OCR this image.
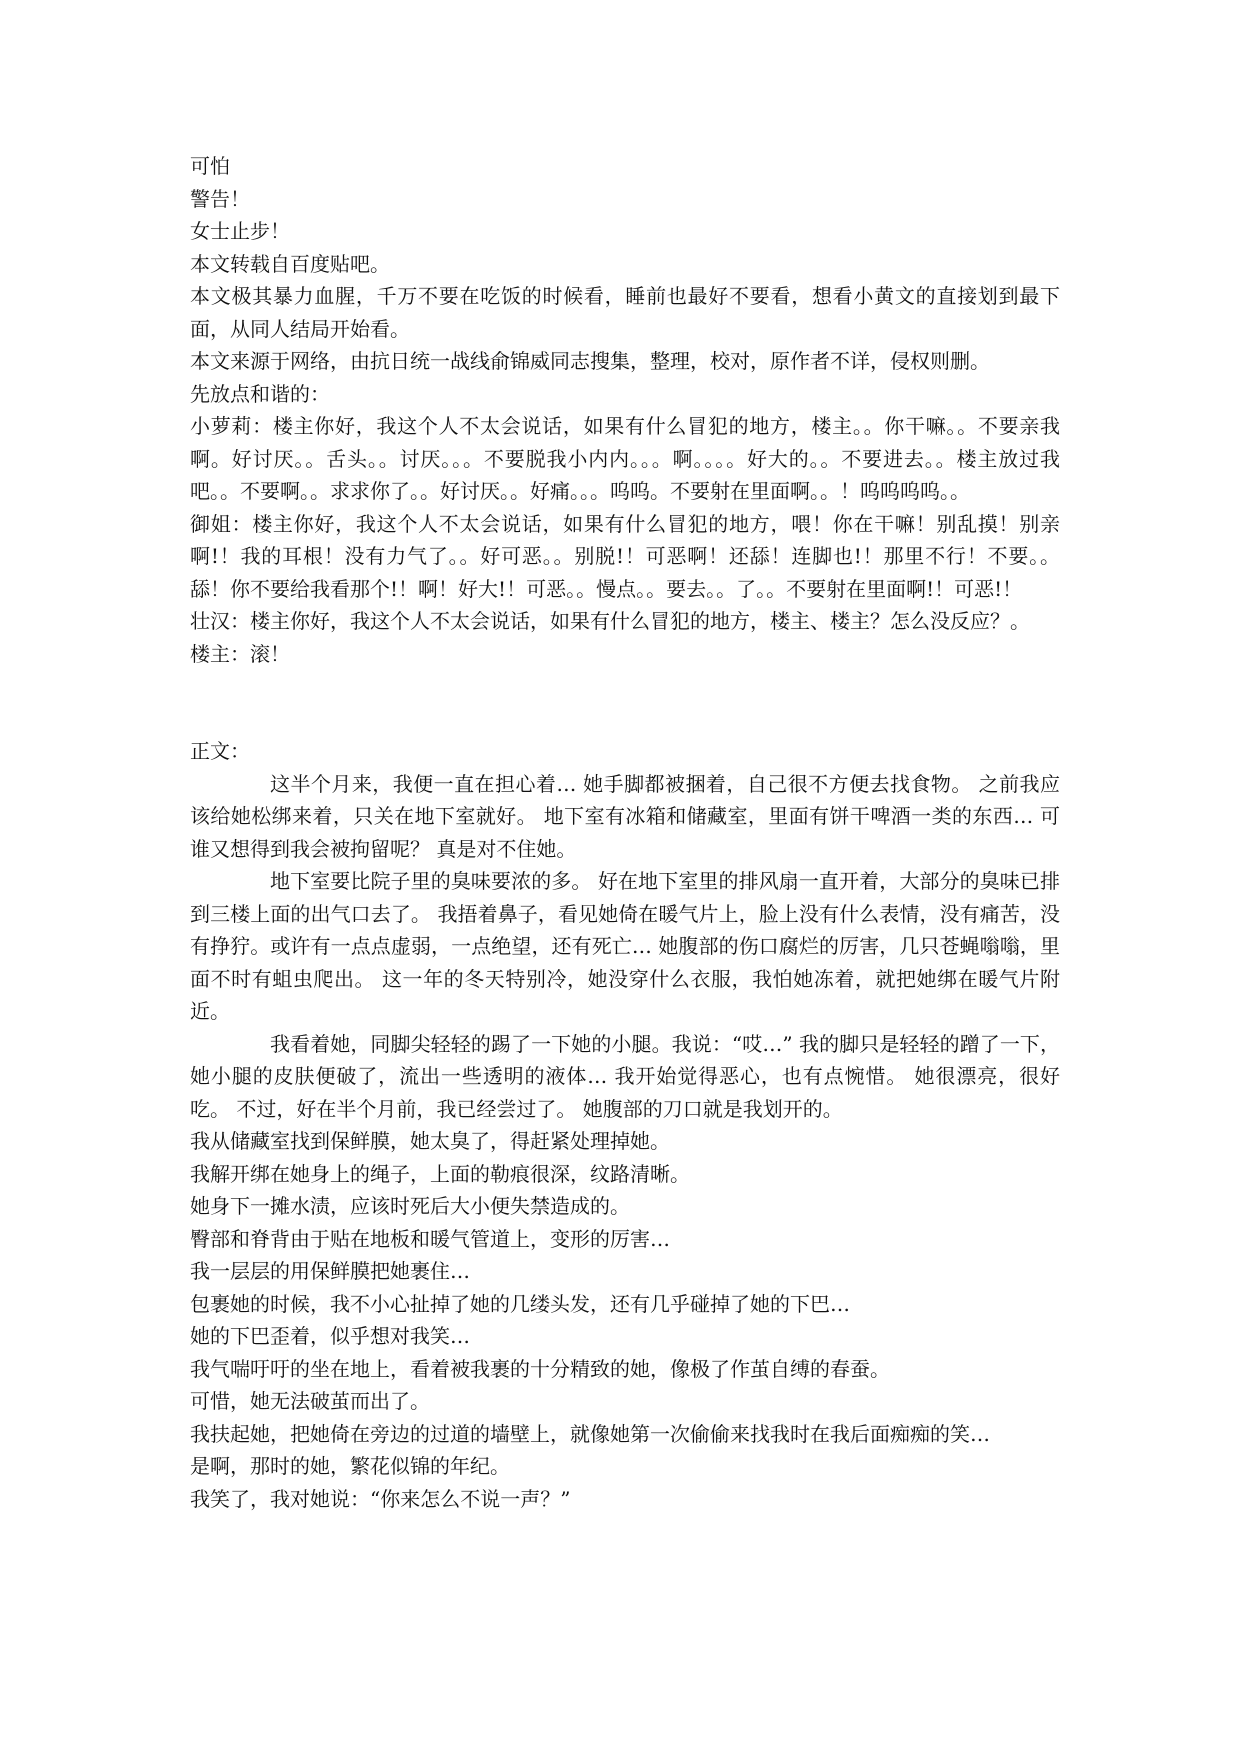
可怕

警告！

女士止步！

本文转载自百度贴吧。

本文极其暴力血腥，千万不要在吃饭的时候看，睡前也最好不要看，想看小黄文的直接划到最下面，从同人结局开始看。

本文来源于网络，由抗日统一战线俞锦威同志搜集，整理，校对，原作者不详，侵权则删。

先放点和谐的：

小萝莉：楼主你好，我这个人不太会说话，如果有什么冒犯的地方，楼主。。你干嘛。。不要亲我啊。好讨厌。。舌头。。讨厌。。。不要脱我小内内。。。啊。。。。好大的。。不要进去。。楼主放过我吧。。不要啊。。求求你了。。好讨厌。。好痛。。。呜呜。不要射在里面啊。。！呜呜呜呜。。

御姐：楼主你好，我这个人不太会说话，如果有什么冒犯的地方，喂！你在干嘛！别乱摸！别亲啊!！我的耳根！没有力气了。。好可恶。。别脱!！可恶啊！还舔！连脚也!！那里不行！不要。。舔！你不要给我看那个!！啊！好大!！可恶。。慢点。。要去。。了。。不要射在里面啊!！可恶!！

壮汉：楼主你好，我这个人不太会说话，如果有什么冒犯的地方，楼主、楼主？怎么没反应？。

楼主：滚！

正文：

这半个月来，我便一直在担心着… 她手脚都被捆着，自己很不方便去找食物。 之前我应该给她松绑来着，只关在地下室就好。 地下室有冰箱和储藏室，里面有饼干啤酒一类的东西… 可谁又想得到我会被拘留呢？ 真是对不住她。

地下室要比院子里的臭味要浓的多。 好在地下室里的排风扇一直开着，大部分的臭味已排到三楼上面的出气口去了。 我捂着鼻子，看见她倚在暖气片上，脸上没有什么表情，没有痛苦，没有挣狞。或许有一点点虚弱，一点绝望，还有死亡… 她腹部的伤口腐烂的厉害，几只苍蝇嗡嗡，里面不时有蛆虫爬出。 这一年的冬天特别冷，她没穿什么衣服，我怕她冻着，就把她绑在暖气片附近。

我看着她，同脚尖轻轻的踢了一下她的小腿。我说：“哎…” 我的脚只是轻轻的蹭了一下，她小腿的皮肤便破了，流出一些透明的液体… 我开始觉得恶心，也有点惋惜。 她很漂亮，很好吃。 不过，好在半个月前，我已经尝过了。 她腹部的刀口就是我划开的。

我从储藏室找到保鲜膜，她太臭了，得赶紧处理掉她。

我解开绑在她身上的绳子，上面的勒痕很深，纹路清晰。

她身下一摊水渍，应该时死后大小便失禁造成的。

臀部和脊背由于贴在地板和暖气管道上，变形的厉害…

我一层层的用保鲜膜把她裹住…

包裹她的时候，我不小心扯掉了她的几缕头发，还有几乎碰掉了她的下巴…

她的下巴歪着，似乎想对我笑…

我气喘吁吁的坐在地上，看着被我裹的十分精致的她，像极了作茧自缚的春蚕。

可惜，她无法破茧而出了。

我扶起她，把她倚在旁边的过道的墙壁上，就像她第一次偷偷来找我时在我后面痴痴的笑…

是啊，那时的她，繁花似锦的年纪。

我笑了，我对她说：“你来怎么不说一声？”
